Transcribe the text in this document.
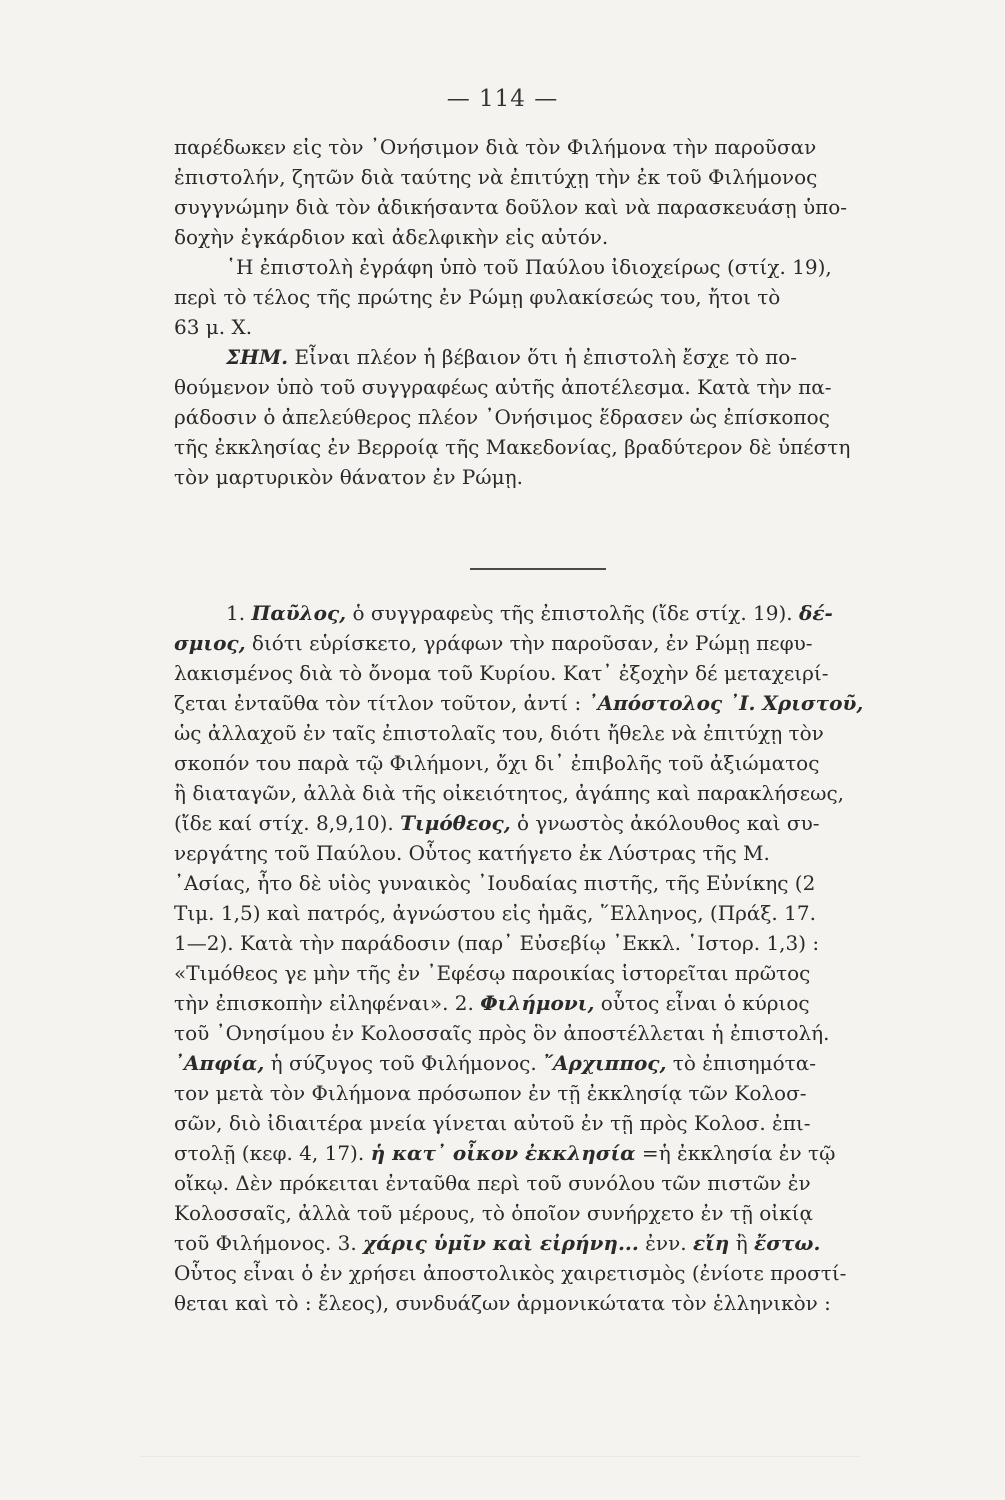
— 114 —
παρέδωκεν εἰς τὸν ᾿Ονήσιμον διὰ τὸν Φιλήμονα τὴν παροῦσαν
ἐπιστολήν, ζητῶν διὰ ταύτης νὰ ἐπιτύχῃ τὴν ἐκ τοῦ Φιλήμονος
συγγνώμην διὰ τὸν ἀδικήσαντα δοῦλον καὶ νὰ παρασκευάσῃ ὑπο-
δοχὴν ἐγκάρδιον καὶ ἀδελφικὴν εἰς αὐτόν.
῾Η ἐπιστολὴ ἐγράφη ὑπὸ τοῦ Παύλου ἰδιοχείρως (στίχ. 19),
περὶ τὸ τέλος τῆς πρώτης ἐν Ρώμῃ φυλακίσεώς του, ἤτοι τὸ
63 μ. Χ.
ΣΗΜ. Εἶναι πλέον ἡ βέβαιον ὅτι ἡ ἐπιστολὴ ἔσχε τὸ πο-
θούμενον ὑπὸ τοῦ συγγραφέως αὐτῆς ἀποτέλεσμα. Κατὰ τὴν πα-
ράδοσιν ὁ ἀπελεύθερος πλέον ᾿Ονήσιμος ἕδρασεν ὡς ἐπίσκοπος
τῆς ἐκκλησίας ἐν Βερροίᾳ τῆς Μακεδονίας, βραδύτερον δὲ ὑπέστη
τὸν μαρτυρικὸν θάνατον ἐν Ρώμῃ.
1. Παῦλος, ὁ συγγραφεὺς τῆς ἐπιστολῆς (ἴδε στίχ. 19). δέ-
σμιος, διότι εὑρίσκετο, γράφων τὴν παροῦσαν, ἐν Ρώμῃ πεφυ-
λακισμένος διὰ τὸ ὄνομα τοῦ Κυρίου. Κατ᾿ ἐξοχὴν δέ μεταχειρί-
ζεται ἐνταῦθα τὸν τίτλον τοῦτον, ἀντί : ᾿Απόστολος ᾿Ι. Χριστοῦ,
ὡς ἀλλαχοῦ ἐν ταῖς ἐπιστολαῖς του, διότι ἤθελε νὰ ἐπιτύχῃ τὸν
σκοπόν του παρὰ τῷ Φιλήμονι, ὄχι δι᾿ ἐπιβολῆς τοῦ ἀξιώματος
ἢ διαταγῶν, ἀλλὰ διὰ τῆς οἰκειότητος, ἀγάπης καὶ παρακλήσεως,
(ἴδε καί στίχ. 8,9,10). Τιμόθεος, ὁ γνωστὸς ἀκόλουθος καὶ συ-
νεργάτης τοῦ Παύλου. Οὗτος κατήγετο ἐκ Λύστρας τῆς Μ.
᾿Ασίας, ἦτο δὲ υἱὸς γυναικὸς ᾿Ιουδαίας πιστῆς, τῆς Εὐνίκης (2
Τιμ. 1,5) καὶ πατρός, ἀγνώστου εἰς ἡμᾶς, ῞Ελληνος, (Πράξ. 17.
1—2). Κατὰ τὴν παράδοσιν (παρ᾿ Εὐσεβίῳ ᾿Εκκλ. ῾Ιστορ. 1,3) :
«Τιμόθεος γε μὴν τῆς ἐν ᾿Εφέσῳ παροικίας ἱστορεῖται πρῶτος
τὴν ἐπισκοπὴν εἰληφέναι». 2. Φιλήμονι, οὗτος εἶναι ὁ κύριος
τοῦ ᾿Ονησίμου ἐν Κολοσσαῖς πρὸς ὃν ἀποστέλλεται ἡ ἐπιστολή.
᾿Απφία, ἡ σύζυγος τοῦ Φιλήμονος. ῎Αρχιππος, τὸ ἐπισημότα-
τον μετὰ τὸν Φιλήμονα πρόσωπον ἐν τῇ ἐκκλησίᾳ τῶν Κολοσ-
σῶν, διὸ ἰδιαιτέρα μνεία γίνεται αὐτοῦ ἐν τῇ πρὸς Κολοσ. ἐπι-
στολῇ (κεφ. 4, 17). ἡ κατ᾿ οἶκον ἐκκλησία =ἡ ἐκκλησία ἐν τῷ
οἴκῳ. Δὲν πρόκειται ἐνταῦθα περὶ τοῦ συνόλου τῶν πιστῶν ἐν
Κολοσσαῖς, ἀλλὰ τοῦ μέρους, τὸ ὁποῖον συνήρχετο ἐν τῇ οἰκίᾳ
τοῦ Φιλήμονος. 3. χάρις ὑμῖν καὶ εἰρήνη... ἐνν. εἴη ἢ ἔστω.
Οὗτος εἶναι ὁ ἐν χρήσει ἀποστολικὸς χαιρετισμὸς (ἐνίοτε προστί-
θεται καὶ τὸ : ἔλεος), συνδυάζων ἁρμονικώτατα τὸν ἑλληνικὸν :
